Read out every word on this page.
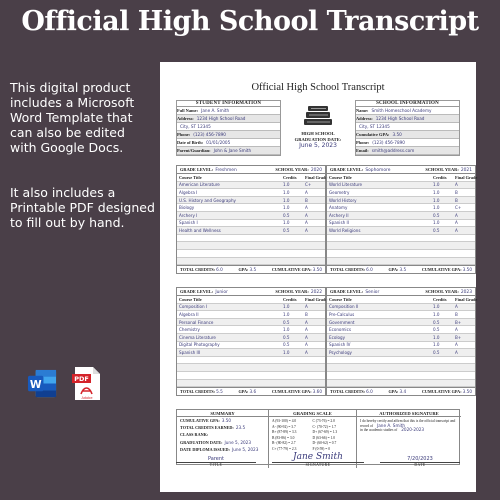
Official High School Transcript
This digital product includes a Microsoft Word Template that can also be edited with Google Docs.
It also includes a Printable PDF designed to fill out by hand.
W	PDF
Adobe
Official High School Transcript
STUDENT INFORMATION
Full Name: Jane A. Smith
Address: 1234 High School Road
City, ST 12345
Phone: (123) 456-7890
Date of Birth: 01/01/2005
Parent/Guardian: John & Jane Smith
HIGH SCHOOL
GRADUATION DATE:
June 5, 2023
SCHOOL INFORMATION
Name: Smith Homeschool Academy
Address: 1234 High School Road
City, ST 12345
Cumulative GPA: 3.50
Phone: (123) 456-7890
Email: smith@address.com
GRADE LEVEL: Freshmen	SCHOOL YEAR: 2020
Course Title	Credits	Final Grade
American Literature	1.0	C+
Algebra I	1.0	A
U.S. History and Geography	1.0	B
Biology	1.0	A
Archery I	0.5	A
Spanish I	1.0	A
Health and Wellness	0.5	A
TOTAL CREDITS: 6.0	GPA: 3.5	CUMULATIVE GPA: 3.50
GRADE LEVEL: Sophomore	SCHOOL YEAR: 2021
Course Title	Credits	Final Grade
World Literature	1.0	A
Geometry	1.0	B
World History	1.0	B
Anatomy	1.0	C+
Archery II	0.5	A
Spanish II	1.0	A
World Religions	0.5	A
TOTAL CREDITS: 6.0	GPA: 3.5	CUMULATIVE GPA: 3.50
GRADE LEVEL: Junior	SCHOOL YEAR: 2022
Course Title	Credits	Final Grade
Composition I	1.0	A
Algebra II	1.0	B
Personal Finance	0.5	A
Chemistry	1.0	A
Cinema Literature	0.5	A
Digital Photography	0.5	A
Spanish III	1.0	A
TOTAL CREDITS: 5.5	GPA: 3.6	CUMULATIVE GPA: 3.60
GRADE LEVEL: Senior	SCHOOL YEAR: 2023
Course Title	Credits	Final Grade
Composition II	1.0	A
Pre-Calculus	1.0	B
Government	0.5	B+
Economics	0.5	A
Ecology	1.0	B+
Spanish IV	1.0	A
Psychology	0.5	A
TOTAL CREDITS: 6.0	GPA: 3.4	CUMULATIVE GPA: 3.50
SUMMARY
CUMULATIVE GPA: 3.50
TOTAL CREDITS EARNED: 23.5
CLASS RANK:
GRADUATION DATE: June 5, 2023
DATE DIPLOMA ISSUED: June 5, 2023
GRADING SCALE
A (93-100) = 4.0	C (73-76) = 2.0
A- (90-92) = 3.7	C- (70-72) = 1.7
B+ (87-89) = 3.3	D+ (67-69) = 1.3
B (83-86) = 3.0	D (63-66) = 1.0
B- (80-82) = 2.7	D- (60-62) = 0.7
C+ (77-79) = 2.3	F (0-59) = 0
AUTHORIZED SIGNATURE
I do hereby certify and affirm that this is the official transcript and record of Jane A. Smith
in the academic studies of 2020-2023
Parent
TITLE
Jane Smith
SIGNATURE
7/20/2023
DATE
